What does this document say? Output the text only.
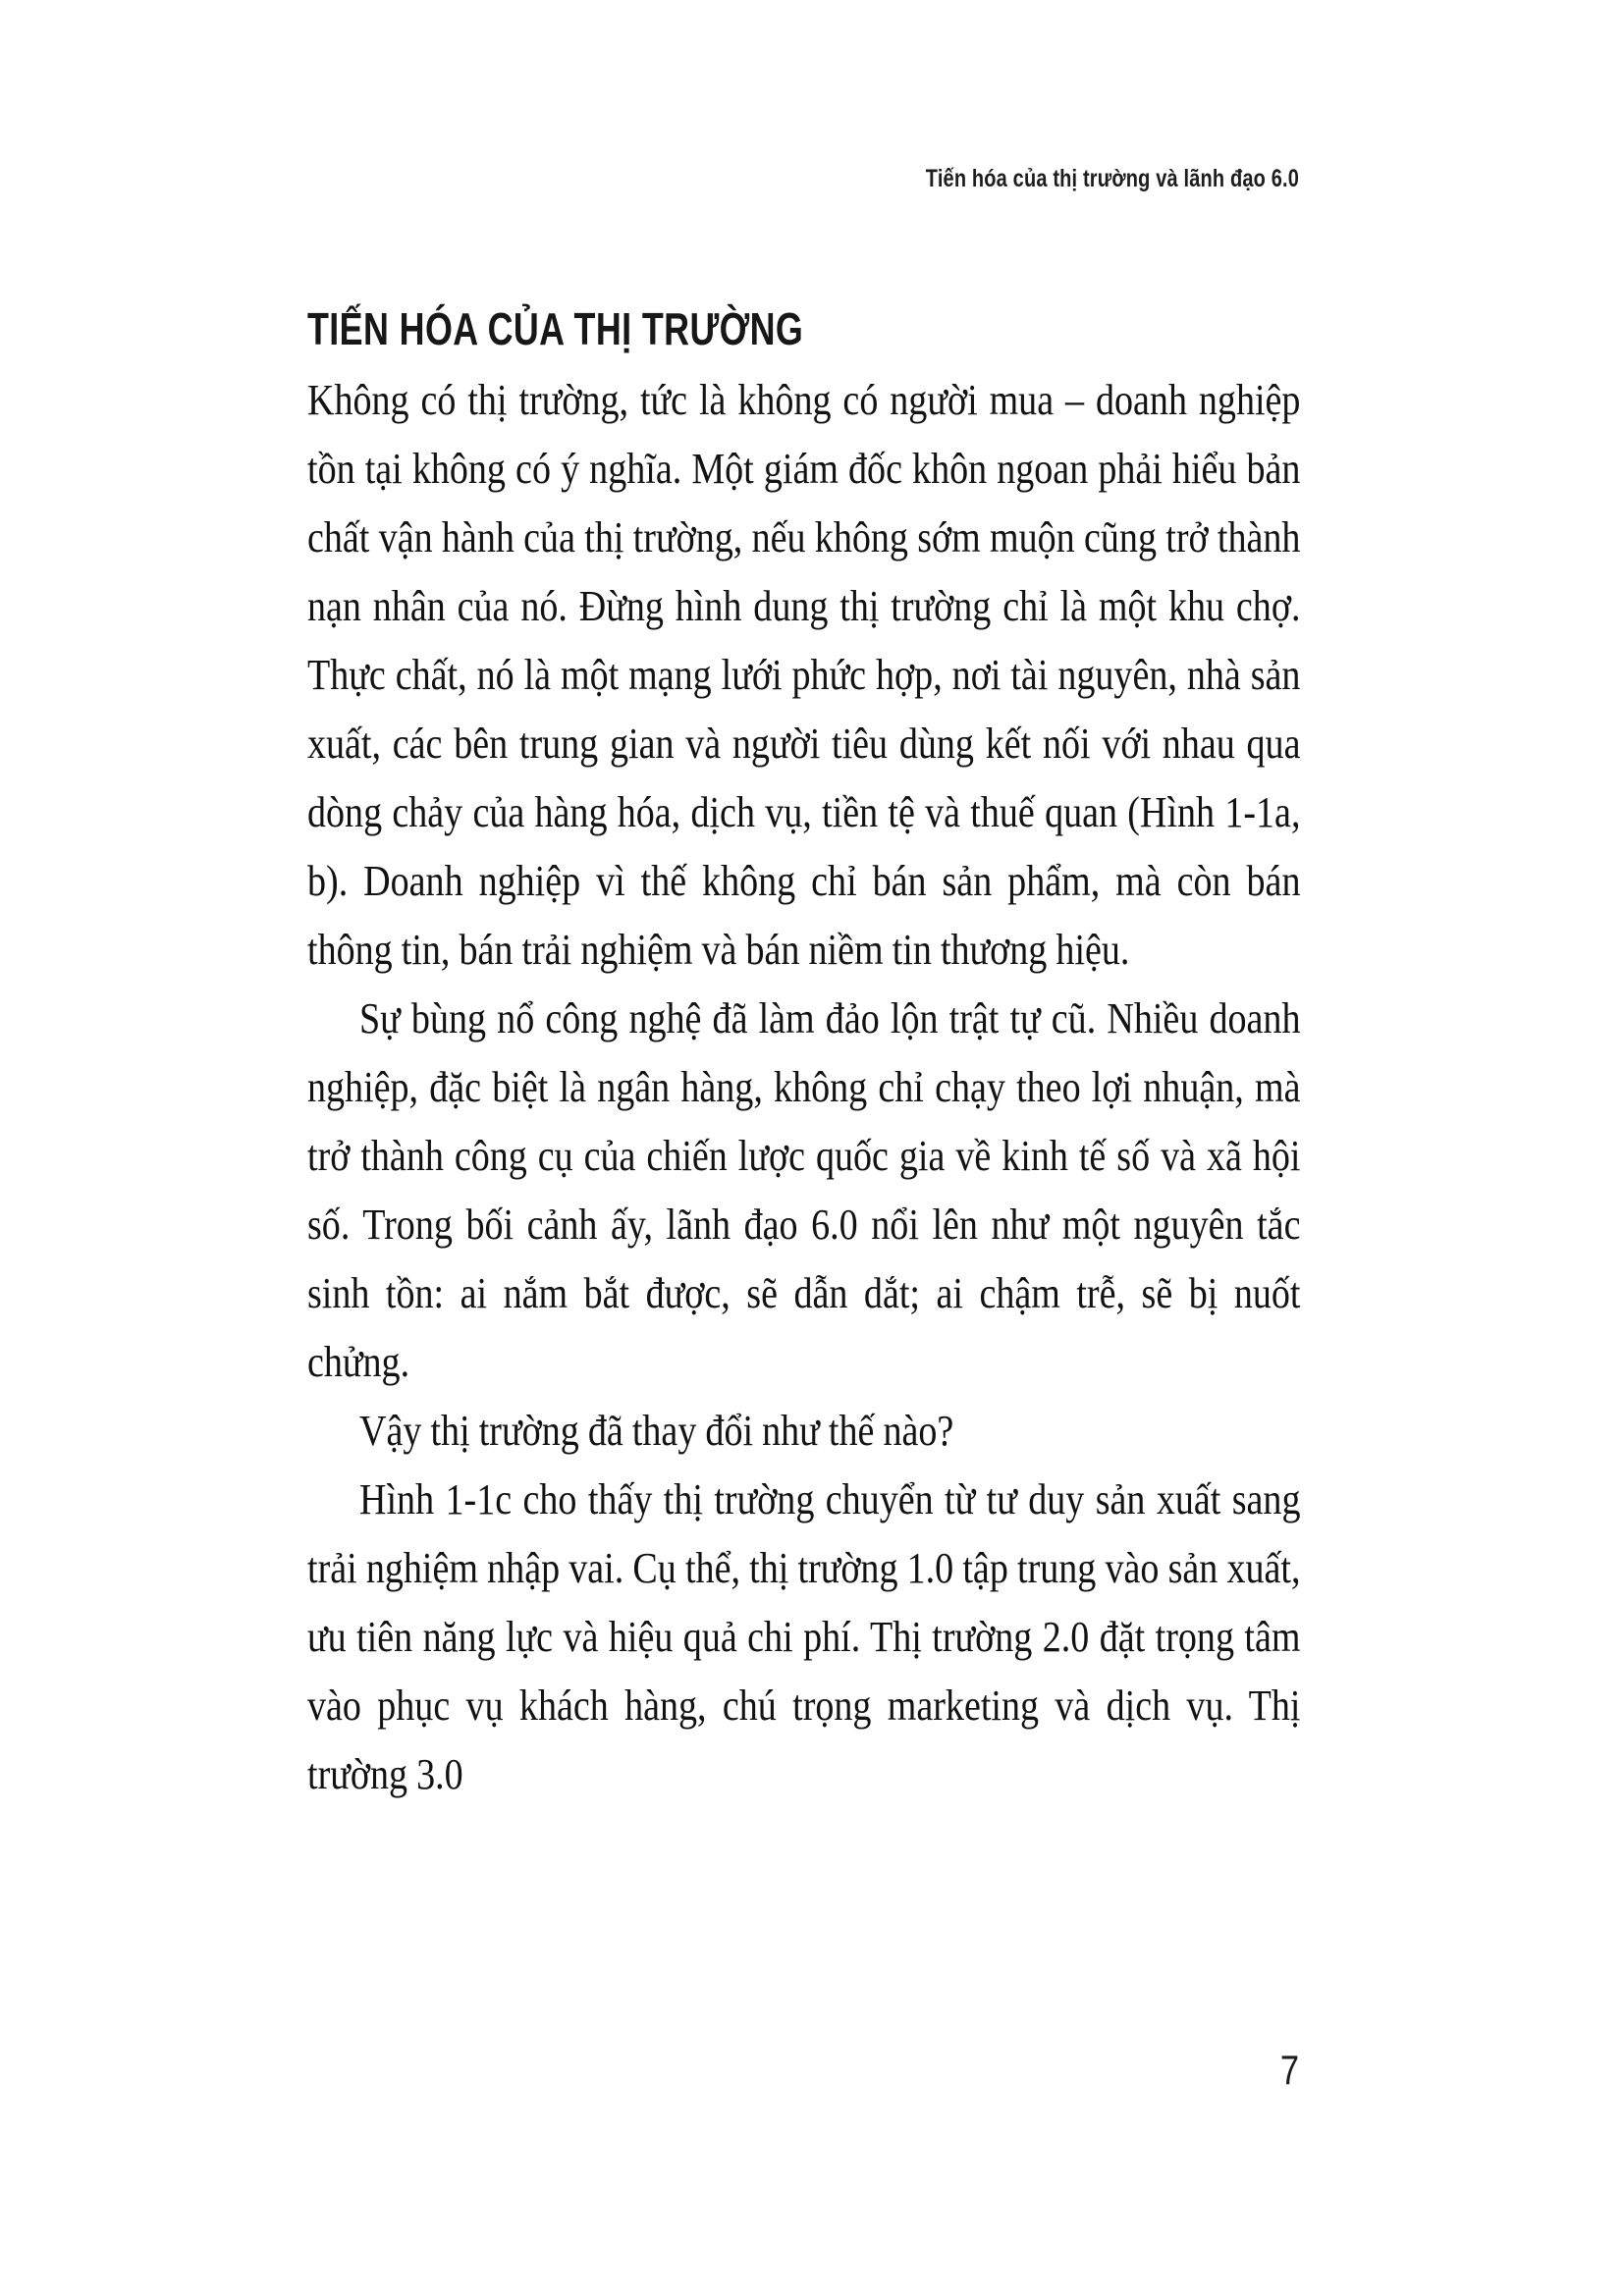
Tiến hóa của thị trường và lãnh đạo 6.0
TIẾN HÓA CỦA THỊ TRƯỜNG

Không có thị trường, tức là không có người mua – doanh nghiệp tồn tại không có ý nghĩa. Một giám đốc khôn ngoan phải hiểu bản chất vận hành của thị trường, nếu không sớm muộn cũng trở thành nạn nhân của nó. Đừng hình dung thị trường chỉ là một khu chợ. Thực chất, nó là một mạng lưới phức hợp, nơi tài nguyên, nhà sản xuất, các bên trung gian và người tiêu dùng kết nối với nhau qua dòng chảy của hàng hóa, dịch vụ, tiền tệ và thuế quan (Hình 1-1a, b). Doanh nghiệp vì thế không chỉ bán sản phẩm, mà còn bán thông tin, bán trải nghiệm và bán niềm tin thương hiệu.

Sự bùng nổ công nghệ đã làm đảo lộn trật tự cũ. Nhiều doanh nghiệp, đặc biệt là ngân hàng, không chỉ chạy theo lợi nhuận, mà trở thành công cụ của chiến lược quốc gia về kinh tế số và xã hội số. Trong bối cảnh ấy, lãnh đạo 6.0 nổi lên như một nguyên tắc sinh tồn: ai nắm bắt được, sẽ dẫn dắt; ai chậm trễ, sẽ bị nuốt chửng.

Vậy thị trường đã thay đổi như thế nào?

Hình 1-1c cho thấy thị trường chuyển từ tư duy sản xuất sang trải nghiệm nhập vai. Cụ thể, thị trường 1.0 tập trung vào sản xuất, ưu tiên năng lực và hiệu quả chi phí. Thị trường 2.0 đặt trọng tâm vào phục vụ khách hàng, chú trọng marketing và dịch vụ. Thị trường 3.0

7
